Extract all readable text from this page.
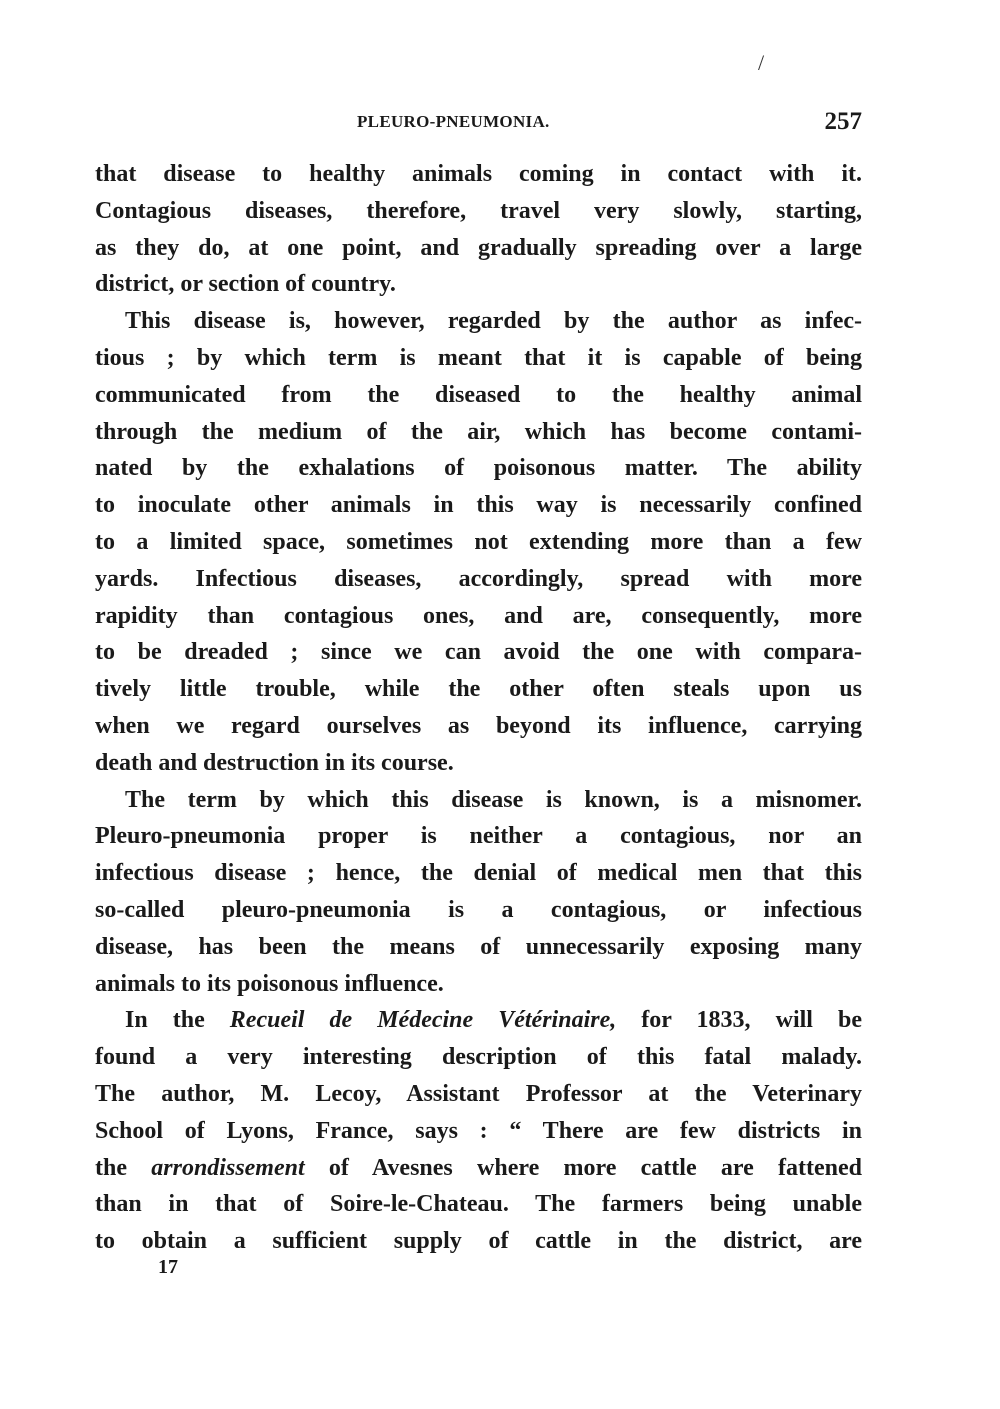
PLEURO-PNEUMONIA.	257
/
that disease to healthy animals coming in contact with it.
Contagious diseases, therefore, travel very slowly, starting,
as they do, at one point, and gradually spreading over a large
district, or section of country.
This disease is, however, regarded by the author as infec-
tious ; by which term is meant that it is capable of being
communicated from the diseased to the healthy animal
through the medium of the air, which has become contami-
nated by the exhalations of poisonous matter. The ability
to inoculate other animals in this way is necessarily confined
to a limited space, sometimes not extending more than a few
yards. Infectious diseases, accordingly, spread with more
rapidity than contagious ones, and are, consequently, more
to be dreaded ; since we can avoid the one with compara-
tively little trouble, while the other often steals upon us
when we regard ourselves as beyond its influence, carrying
death and destruction in its course.
The term by which this disease is known, is a misnomer.
Pleuro-pneumonia proper is neither a contagious, nor an
infectious disease ; hence, the denial of medical men that this
so-called pleuro-pneumonia is a contagious, or infectious
disease, has been the means of unnecessarily exposing many
animals to its poisonous influence.
In the Recueil de Médecine Vétérinaire, for 1833, will be
found a very interesting description of this fatal malady.
The author, M. Lecoy, Assistant Professor at the Veterinary
School of Lyons, France, says : “ There are few districts in
the arrondissement of Avesnes where more cattle are fattened
than in that of Soire-le-Chateau. The farmers being unable
to obtain a sufficient supply of cattle in the district, are
17
